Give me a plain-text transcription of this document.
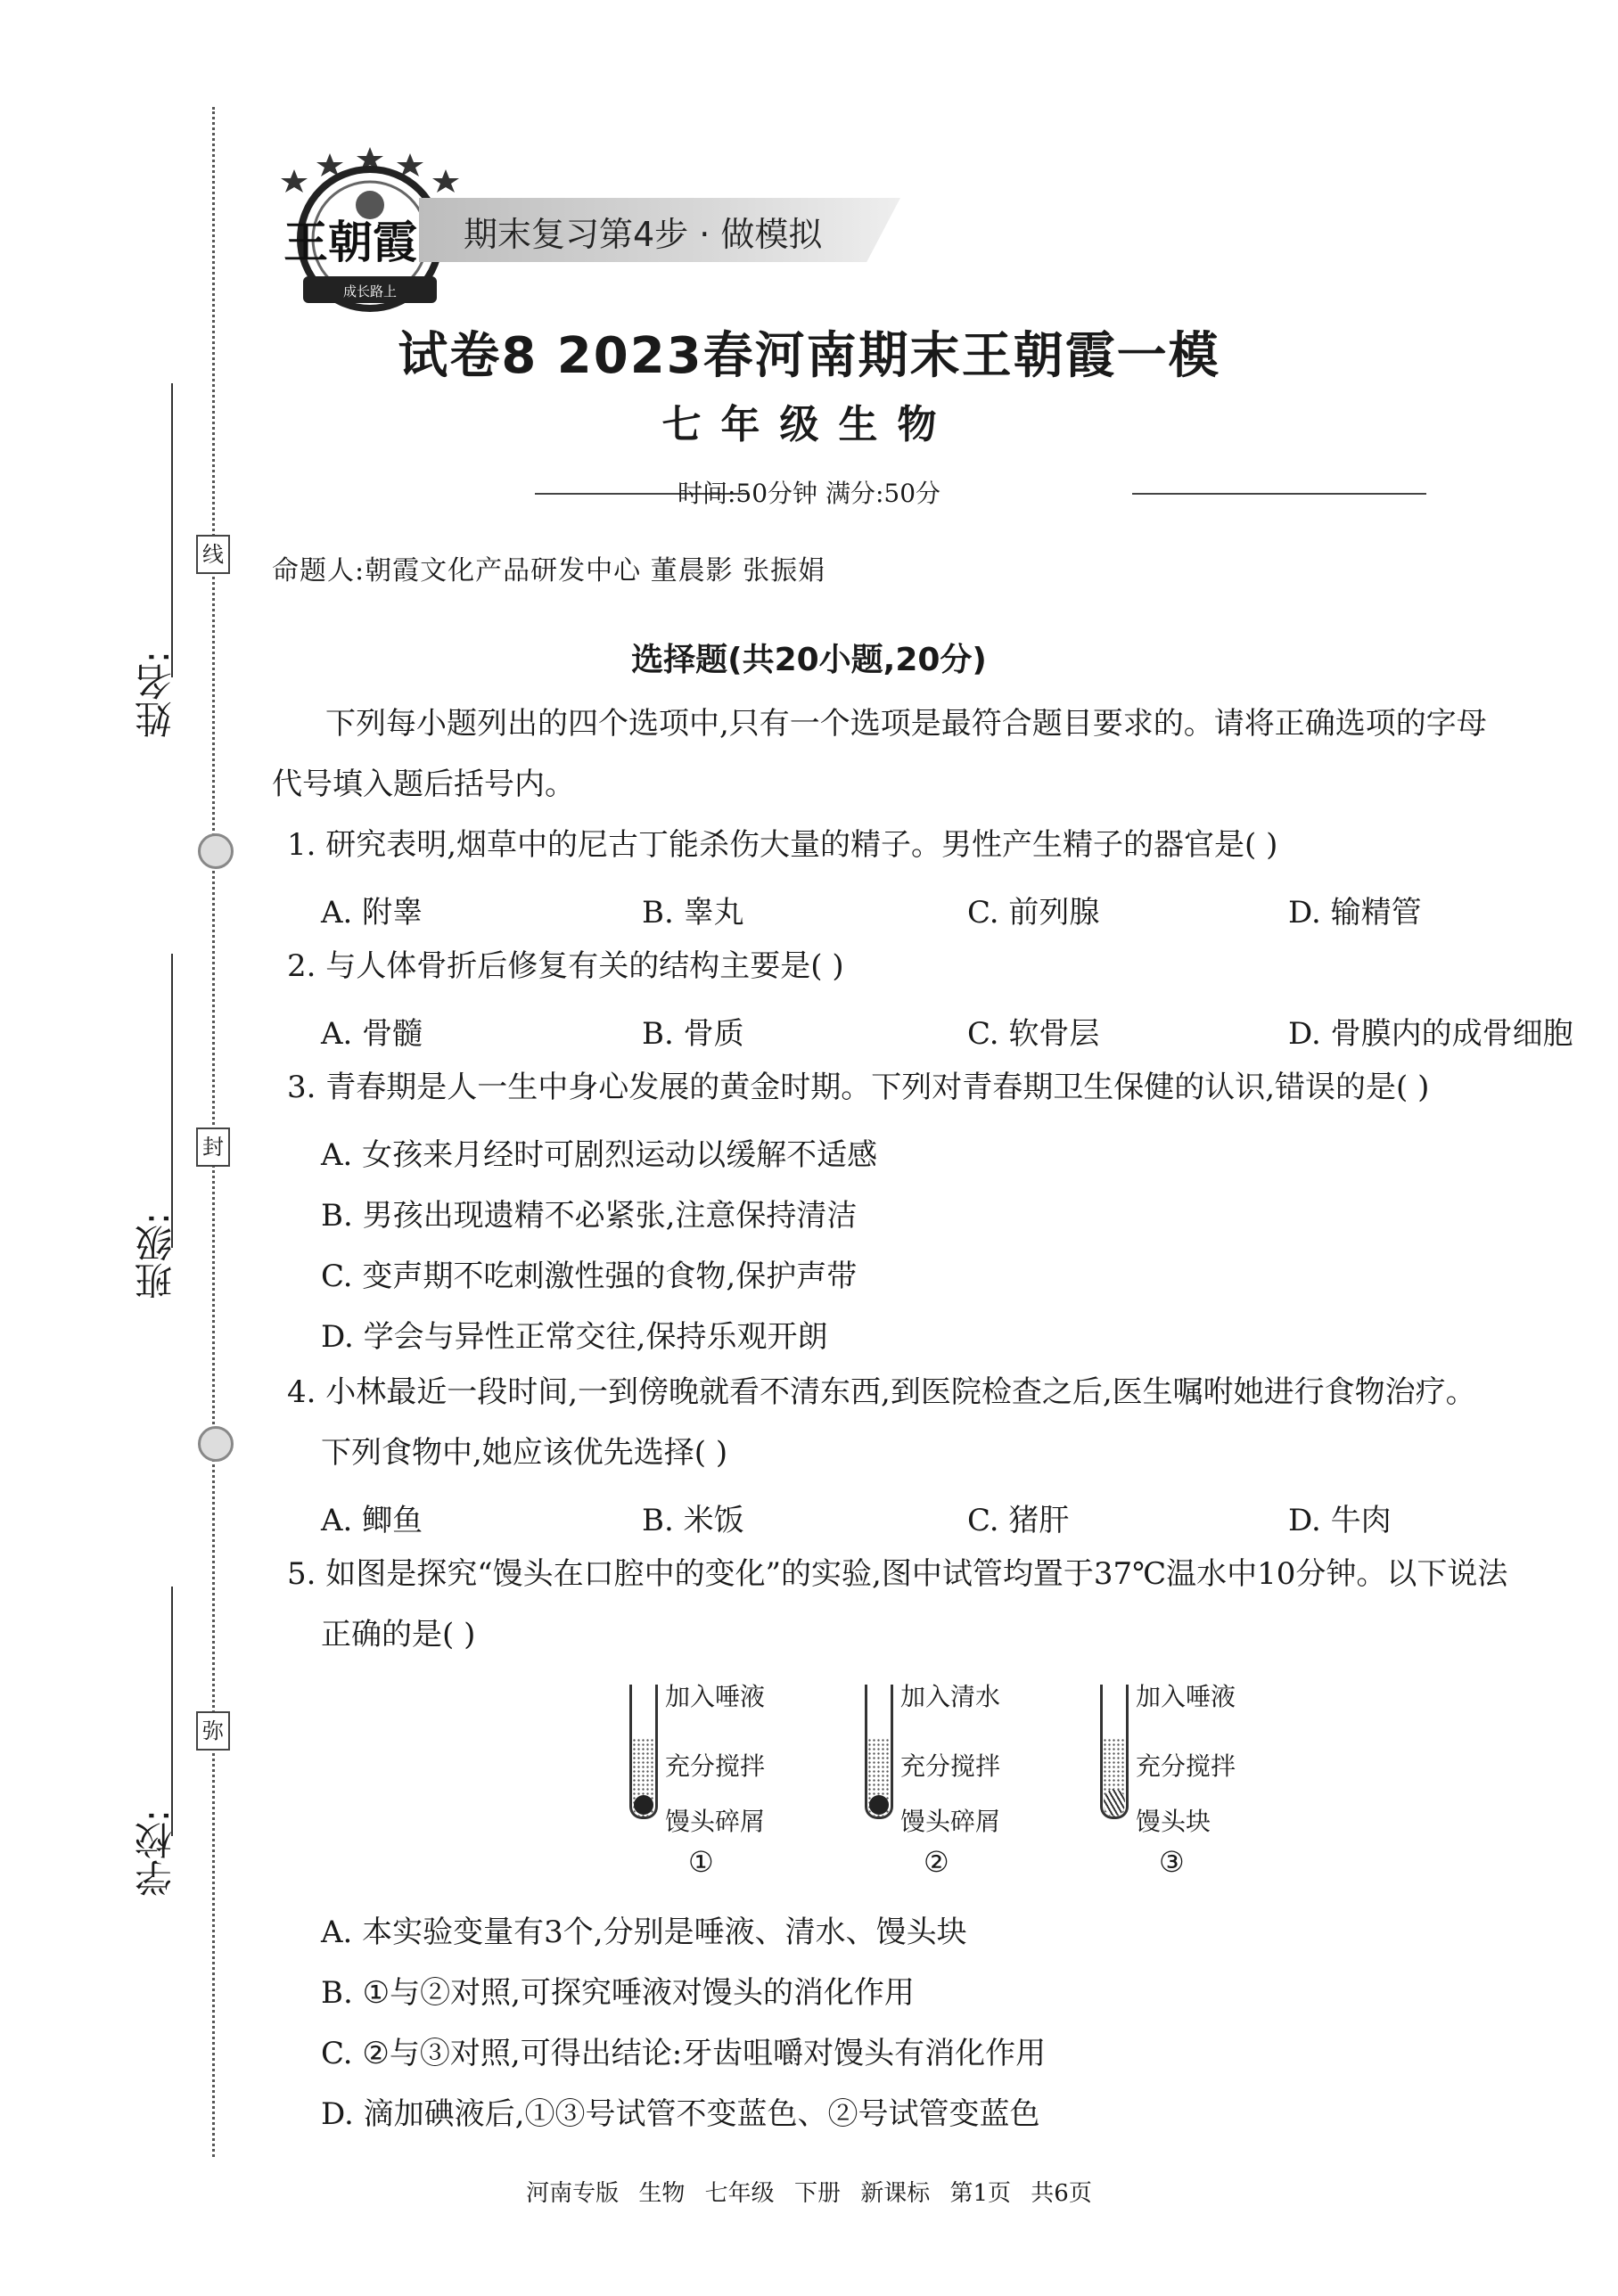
姓名:
班级:
学校:
线
封
弥
成长路上
王朝霞 期末复习第4步 · 做模拟
试卷8 2023春河南期末王朝霞一模
七年级生物
时间:50分钟 满分:50分
命题人:朝霞文化产品研发中心 董晨影 张振娟
选择题(共20小题,20分)
下列每小题列出的四个选项中,只有一个选项是最符合题目要求的。请将正确选项的字母
代号填入题后括号内。
1. 研究表明,烟草中的尼古丁能杀伤大量的精子。男性产生精子的器官是( )
A. 附睾	B. 睾丸	C. 前列腺	D. 输精管
2. 与人体骨折后修复有关的结构主要是( )
A. 骨髓	B. 骨质	C. 软骨层	D. 骨膜内的成骨细胞
3. 青春期是人一生中身心发展的黄金时期。下列对青春期卫生保健的认识,错误的是( )
A. 女孩来月经时可剧烈运动以缓解不适感
B. 男孩出现遗精不必紧张,注意保持清洁
C. 变声期不吃刺激性强的食物,保护声带
D. 学会与异性正常交往,保持乐观开朗
4. 小林最近一段时间,一到傍晚就看不清东西,到医院检查之后,医生嘱咐她进行食物治疗。
下列食物中,她应该优先选择( )
A. 鲫鱼	B. 米饭	C. 猪肝	D. 牛肉
5. 如图是探究“馒头在口腔中的变化”的实验,图中试管均置于37℃温水中10分钟。以下说法
正确的是( )
加入唾液
充分搅拌
馒头碎屑
①
加入清水
充分搅拌
馒头碎屑
②
加入唾液
充分搅拌
馒头块
③
A. 本实验变量有3个,分别是唾液、清水、馒头块
B. ①与②对照,可探究唾液对馒头的消化作用
C. ②与③对照,可得出结论:牙齿咀嚼对馒头有消化作用
D. 滴加碘液后,①③号试管不变蓝色、②号试管变蓝色
河南专版 生物 七年级 下册 新课标 第1页 共6页
